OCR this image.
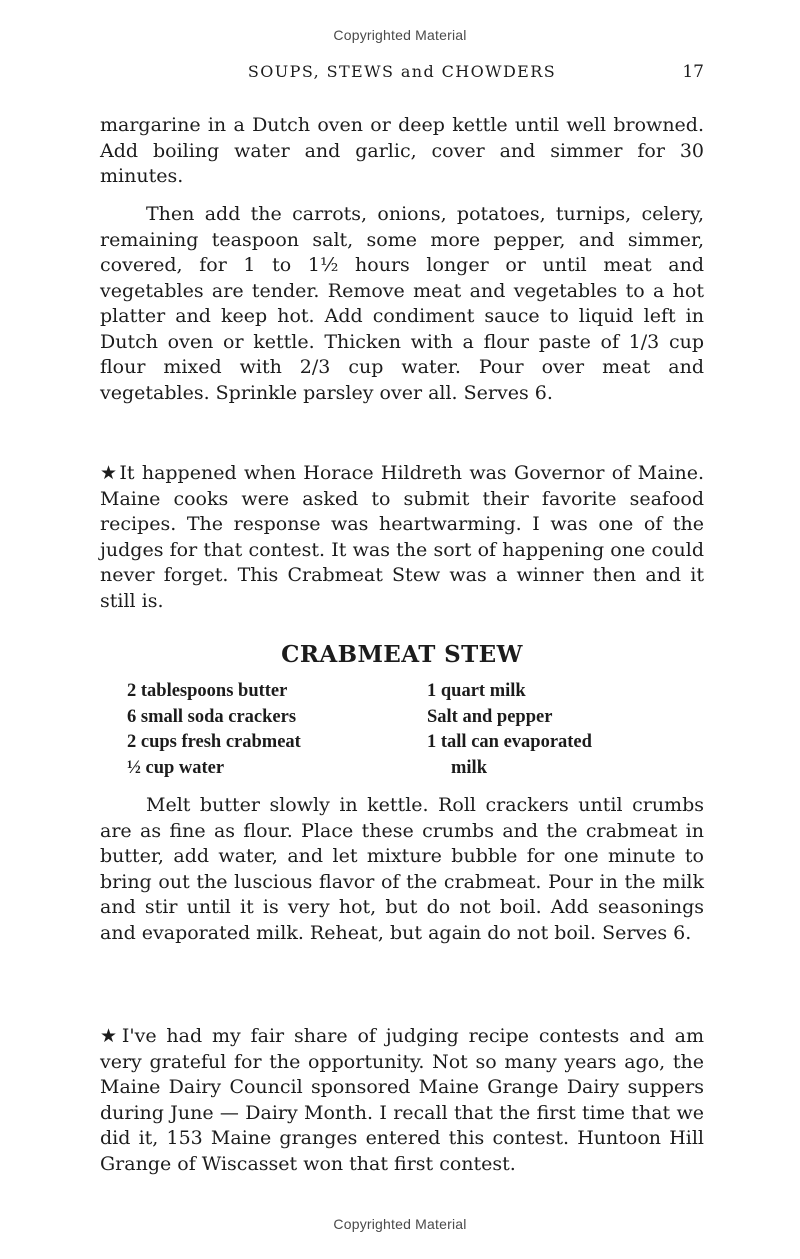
Copyrighted Material
SOUPS, STEWS and CHOWDERS	17

margarine in a Dutch oven or deep kettle until well browned. Add boiling water and garlic, cover and simmer for 30 minutes.

Then add the carrots, onions, potatoes, turnips, celery, remaining teaspoon salt, some more pepper, and simmer, covered, for 1 to 1½ hours longer or until meat and vegetables are tender. Remove meat and vegetables to a hot platter and keep hot. Add condiment sauce to liquid left in Dutch oven or kettle. Thicken with a flour paste of 1/3 cup flour mixed with 2/3 cup water. Pour over meat and vegetables. Sprinkle parsley over all. Serves 6.

★It happened when Horace Hildreth was Governor of Maine. Maine cooks were asked to submit their favorite seafood recipes. The response was heartwarming. I was one of the judges for that contest. It was the sort of happening one could never forget. This Crabmeat Stew was a winner then and it still is.

CRABMEAT STEW
2 tablespoons butter
6 small soda crackers
2 cups fresh crabmeat
½ cup water
1 quart milk
Salt and pepper
1 tall can evaporated
milk

Melt butter slowly in kettle. Roll crackers until crumbs are as fine as flour. Place these crumbs and the crabmeat in butter, add water, and let mixture bubble for one minute to bring out the luscious flavor of the crabmeat. Pour in the milk and stir until it is very hot, but do not boil. Add seasonings and evaporated milk. Reheat, but again do not boil. Serves 6.

★I've had my fair share of judging recipe contests and am very grateful for the opportunity. Not so many years ago, the Maine Dairy Council sponsored Maine Grange Dairy suppers during June — Dairy Month. I recall that the first time that we did it, 153 Maine granges entered this contest. Huntoon Hill Grange of Wiscasset won that first contest.

Copyrighted Material
